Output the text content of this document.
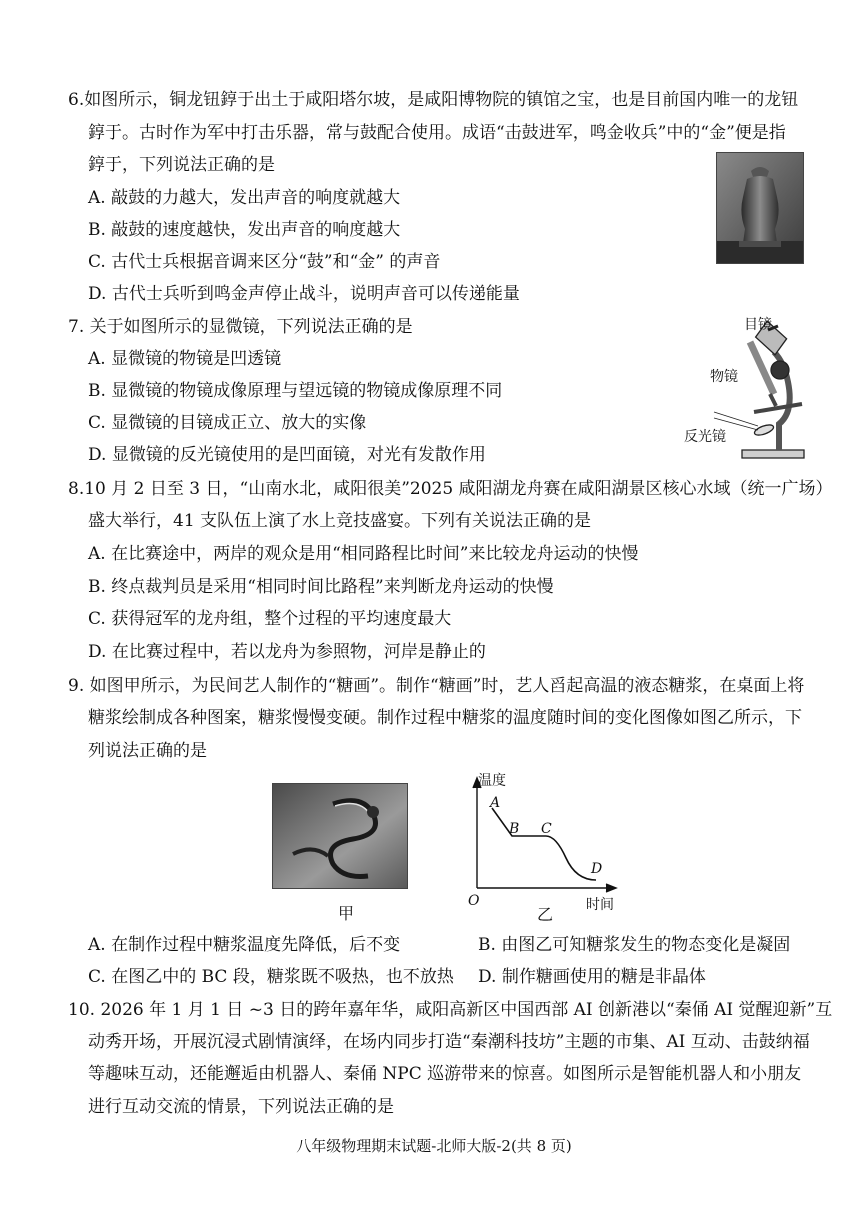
6.如图所示，铜龙钮錞于出土于咸阳塔尔坡，是咸阳博物院的镇馆之宝，也是目前国内唯一的龙钮
錞于。古时作为军中打击乐器，常与鼓配合使用。成语“击鼓进军，鸣金收兵”中的“金”便是指
錞于，下列说法正确的是
A. 敲鼓的力越大，发出声音的响度就越大
B. 敲鼓的速度越快，发出声音的响度越大
C. 古代士兵根据音调来区分“鼓”和“金” 的声音
D. 古代士兵听到鸣金声停止战斗，说明声音可以传递能量
7. 关于如图所示的显微镜，下列说法正确的是
A. 显微镜的物镜是凹透镜
B. 显微镜的物镜成像原理与望远镜的物镜成像原理不同
C. 显微镜的目镜成正立、放大的实像
D. 显微镜的反光镜使用的是凹面镜，对光有发散作用
目镜
物镜
反光镜
8.10 月 2 日至 3 日，“山南水北，咸阳很美”2025 咸阳湖龙舟赛在咸阳湖景区核心水域（统一广场）
盛大举行，41 支队伍上演了水上竞技盛宴。下列有关说法正确的是
A. 在比赛途中，两岸的观众是用“相同路程比时间”来比较龙舟运动的快慢
B. 终点裁判员是采用“相同时间比路程”来判断龙舟运动的快慢
C. 获得冠军的龙舟组，整个过程的平均速度最大
D. 在比赛过程中，若以龙舟为参照物，河岸是静止的
9. 如图甲所示，为民间艺人制作的“糖画”。制作“糖画”时，艺人舀起高温的液态糖浆，在桌面上将
糖浆绘制成各种图案，糖浆慢慢变硬。制作过程中糖浆的温度随时间的变化图像如图乙所示，下
列说法正确的是
甲
温度
A
B C
D
O	时间
乙
A. 在制作过程中糖浆温度先降低，后不变	B. 由图乙可知糖浆发生的物态变化是凝固
C. 在图乙中的 BC 段，糖浆既不吸热，也不放热 D. 制作糖画使用的糖是非晶体
10. 2026 年 1 月 1 日 ~3 日的跨年嘉年华，咸阳高新区中国西部 AI 创新港以“秦俑 AI 觉醒迎新”互
动秀开场，开展沉浸式剧情演绎，在场内同步打造“秦潮科技坊”主题的市集、AI 互动、击鼓纳福
等趣味互动，还能邂逅由机器人、秦俑 NPC 巡游带来的惊喜。如图所示是智能机器人和小朋友
进行互动交流的情景，下列说法正确的是
八年级物理期末试题-北师大版-2(共 8 页)
